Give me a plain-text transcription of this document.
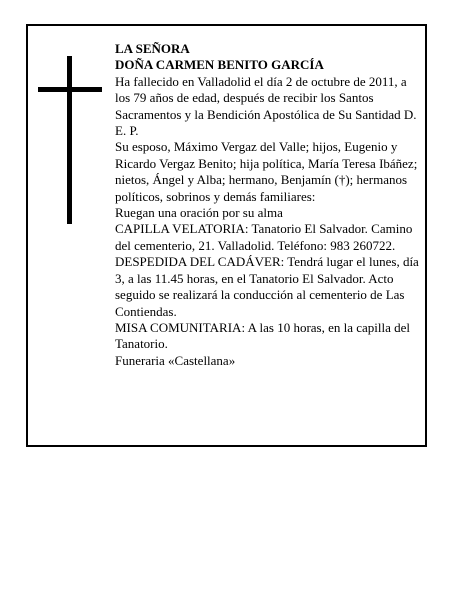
LA SEÑORA

DOÑA CARMEN BENITO GARCÍA

Ha fallecido en Valladolid el día 2 de octubre de 2011, a los 79 años de edad, después de recibir los Santos Sacramentos y la Bendición Apostólica de Su Santidad D. E. P.

Su esposo, Máximo Vergaz del Valle; hijos, Eugenio y Ricardo Vergaz Benito; hija política, María Teresa Ibáñez; nietos, Ángel y Alba; hermano, Benjamín (†); hermanos políticos, sobrinos y demás familiares:

Ruegan una oración por su alma

CAPILLA VELATORIA: Tanatorio El Salvador. Camino del cementerio, 21. Valladolid. Teléfono: 983 260722.

DESPEDIDA DEL CADÁVER: Tendrá lugar el lunes, día 3, a las 11.45 horas, en el Tanatorio El Salvador. Acto seguido se realizará la conducción al cementerio de Las Contiendas.

MISA COMUNITARIA: A las 10 horas, en la capilla del Tanatorio.

Funeraria «Castellana»
